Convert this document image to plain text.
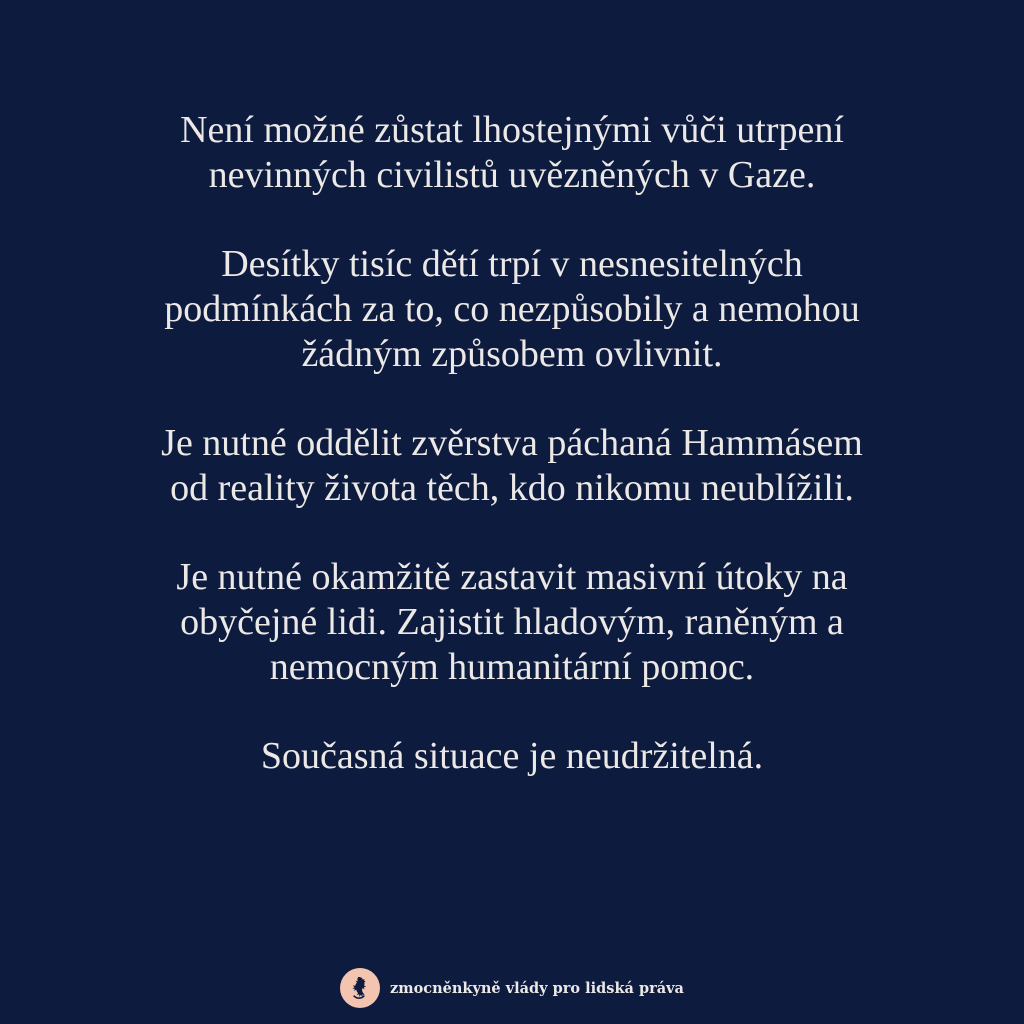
Není možné zůstat lhostejnými vůči utrpení
nevinných civilistů uvězněných v Gaze.

Desítky tisíc dětí trpí v nesnesitelných
podmínkách za to, co nezpůsobily a nemohou
žádným způsobem ovlivnit.

Je nutné oddělit zvěrstva páchaná Hammásem
od reality života těch, kdo nikomu neublížili.

Je nutné okamžitě zastavit masivní útoky na
obyčejné lidi. Zajistit hladovým, raněným a
nemocným humanitární pomoc.

Současná situace je neudržitelná.

zmocněnkyně vlády pro lidská práva
